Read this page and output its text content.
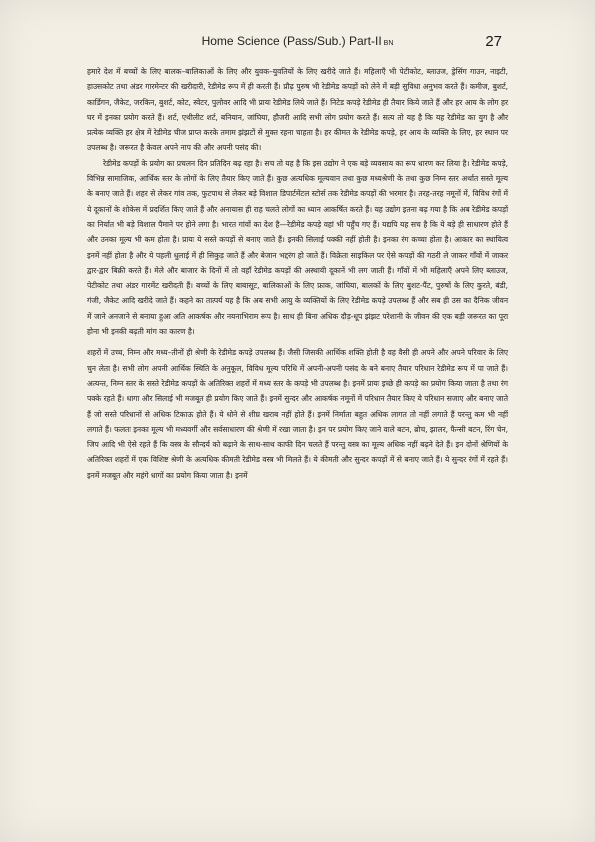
Home Science (Pass/Sub.) Part-II BN	27

हमारे देश में बच्चों के लिए बालक–बालिकाओं के लिए और युवक–युवतियों के लिए खरीदे जाते हैं। महिलाएँ भी पेटीकोट, ब्लाउज, ड्रेसिंग गाउन, नाइटी, हाउसकोट तथा अंडर गारमेन्टर की खरीदारी, रेडीमेड रूप में ही करती हैं। प्रौढ़ पुरुष भी रेडीमेड कपड़ों को लेने में बड़ी सुविधा अनुभव करते हैं। कमीज, बुशर्ट, कार्डिगन, जैकेट, जरकिन, बुशर्ट, कोट, स्वेटर, पुलोवर आदि भी प्रायः रेडीमेड लिये जाते हैं। निटेड कपड़े रेडीमेड ही तैयार किये जाते हैं और हर आय के लोग हर घर में इनका प्रयोग करते हैं। शर्ट, एथीलीट शर्ट, बनियान, जांघिया, हौजरी आदि सभी लोग प्रयोग करते हैं। सत्य तो यह है कि यह रेडीमेड का युग है और प्रत्येक व्यक्ति हर क्षेत्र में रेडीमेड चीज प्राप्त करके तमाम झंझटों से मुक्त रहना चाहता है। हर कीमत के रेडीमेड कपड़े, हर आय के व्यक्ति के लिए, हर स्थान पर उपलब्ध है। जरूरत है केवल अपने नाप की और अपनी पसंद की।

रेडीमेड कपड़ों के प्रयोग का प्रचलन दिन प्रतिदिन बढ़ रहा है। सच तो यह है कि इस उद्योग ने एक बड़े व्यवसाय का रूप धारण कर लिया है। रेडीमेड कपड़े, विभिन्न सामाजिक, आर्थिक स्तर के लोगों के लिए तैयार किए जाते हैं। कुछ अत्यधिक मूल्यवान तथा कुछ मध्यश्रेणी के तथा कुछ निम्न स्तर अर्थात सस्ते मूल्य के बनाए जाते हैं। शहर से लेकर गांव तक, फुटपाथ से लेकर बड़े विशाल डिपार्टमेंटल स्टोर्स तक रेडीमेड कपड़ों की भरमार है। तरह-तरह नमूनों में, विविध रंगों में ये दूकानों के शोकेस में प्रदर्शित किए जाते हैं और अनायास ही राह चलते लोगों का ध्यान आकर्षित करते हैं। यह उद्योग इतना बढ़ गया है कि अब रेडीमेड कपड़ों का निर्यात भी बड़े विशाल पैमाने पर होने लगा है। भारत गांवों का देश है—रेडीमेड कपड़े वहां भी पहुँच गए हैं। यद्यपि यह सच है कि ये बड़े ही साधारण होते हैं और उनका मूल्य भी कम होता है। प्रायः ये सस्ते कपड़ों से बनाए जाते हैं। इनकी सिलाई पक्की नहीं होती है। इनका रंग कच्चा होता है। आकार का स्थायित्व इनमें नहीं होता है और ये पहली धुलाई में ही सिकुड़ जाते हैं और बेजान भद्दरंग हो जाते हैं। विक्रेता साइकिल पर ऐसे कपड़ों की गठरी ले जाकर गाँवों में जाकर द्वार-द्वार बिक्री करते हैं। मेले और बाजार के दिनों में तो वहाँ रेडीमेड कपड़ों की अस्थायी दूकानें भी लग जाती हैं। गाँवों में भी महिलाएँ अपने लिए ब्लाउज, पेटीकोट तथा अंडर गारमेंट खरीदती हैं। बच्चों के लिए बाबासूट, बालिकाओं के लिए फ्राक, जांघिया, बालकों के लिए बुशट-पैंट, पुरुषों के लिए कुरते, बंडी, गंजी, जैकेट आदि खरीदे जाते हैं। कहने का तात्पर्य यह है कि अब सभी आयु के व्यक्तियों के लिए रेडीमेड कपड़े उपलब्ध हैं और सब ही उस का दैनिक जीवन में जाने अनजाने से बनाया हुआ अति आकर्षक और नयनाभिराम रूप है। साथ ही बिना अधिक दौड़-धूप झंझट परेशानी के जीवन की एक बड़ी जरूरत का पूरा होना भी इनकी बढ़ती मांग का कारण है।

शहरों में उच्च, निम्न और मध्य–तीनों ही श्रेणी के रेडीमेड कपड़े उपलब्ध हैं। जैसी जिसकी आर्थिक शक्ति होती है वह वैसी ही अपने और अपने परिवार के लिए चुन लेता है। सभी लोग अपनी आर्थिक स्थिति के अनुकूल, विविध मूल्य परिधि में अपनी-अपनी पसंद के बने बनाए तैयार परिधान रेडीमेड रूप में पा जाते हैं। अत्यन्त, निम्न स्तर के सस्ते रेडीमेड कपड़ों के अतिरिक्त शहरों में मध्य स्तर के कपड़े भी उपलब्ध है। इनमें प्रायः इच्छे ही कपड़े का प्रयोग किया जाता है तथा रंग पक्के रहते हैं। धागा और सिलाई भी मजबूत ही प्रयोग किए जाते हैं। इनमें सुन्दर और आकर्षक नमूनों में परिधान तैयार किए ये परिधान सजाए और बनाए जाते हैं जो सस्ते परिधानों से अधिक टिकाऊ होते हैं। ये धोने से शीघ्र खराब नहीं होते हैं। इनमें निर्माता बहुत अधिक लागत तो नहीं लगाते हैं परन्तु कम भी नहीं लगाते हैं। फलतः इनका मूल्य भी मध्यवर्गी और सर्वसाधारण की श्रेणी में रखा जाता है। इन पर प्रयोग किए जाने वाले बटन, ब्रोच, झालर, फैन्सी बटन, रिंग चेन, जिप आदि भी ऐसे रहते हैं कि वस्त्र के सौन्दर्य को बढ़ाने के साथ-साथ काफी दिन चलते हैं परन्तु वस्त्र का मूल्य अधिक नहीं बढ़ने देते हैं। इन दोनों श्रेणियों के अतिरिक्त शहरों में एक विशिष्ट श्रेणी के अत्यधिक कीमती रेडीमेड वस्त्र भी मिलते हैं। ये कीमती और सुन्दर कपड़ों में से बनाए जाते हैं। ये सुन्दर रंगों में रहते हैं। इनमें मजबूत और महंगे धागों का प्रयोग किया जाता है। इनमें
